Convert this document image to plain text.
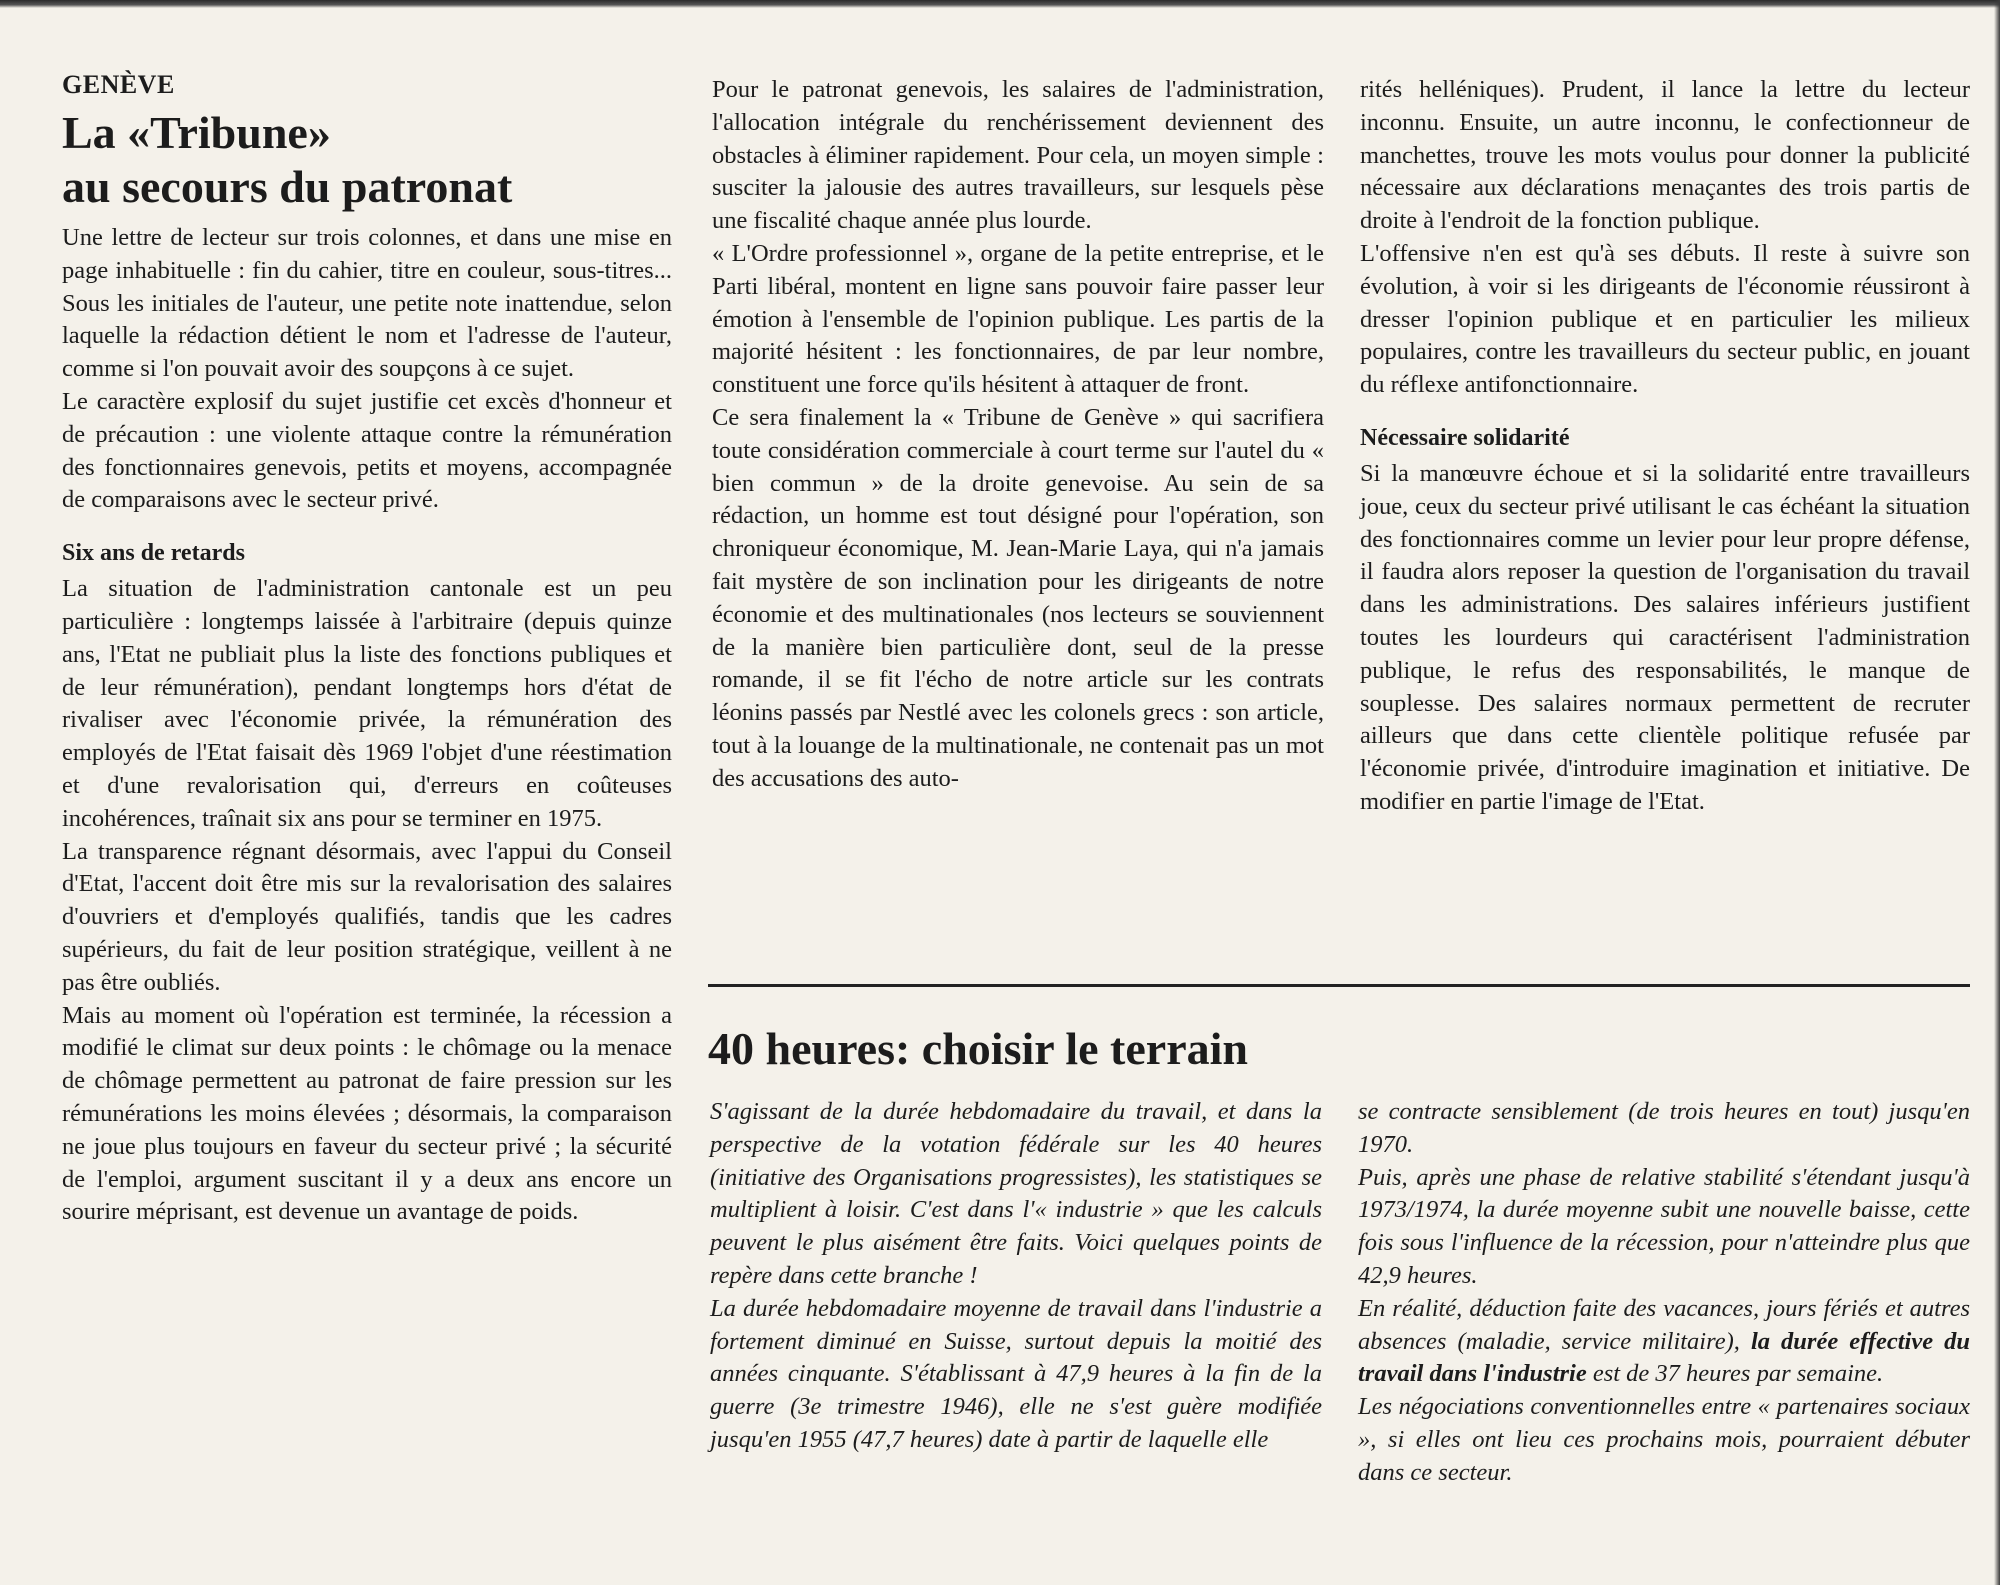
GENÈVE
La «Tribune»
au secours du patronat

Une lettre de lecteur sur trois colonnes, et dans une mise en page inhabituelle : fin du cahier, titre en couleur, sous-titres... Sous les initiales de l'auteur, une petite note inattendue, selon laquelle la rédaction détient le nom et l'adresse de l'auteur, comme si l'on pouvait avoir des soupçons à ce sujet.

Le caractère explosif du sujet justifie cet excès d'honneur et de précaution : une violente attaque contre la rémunération des fonctionnaires genevois, petits et moyens, accompagnée de comparaisons avec le secteur privé.

Six ans de retards

La situation de l'administration cantonale est un peu particulière : longtemps laissée à l'arbitraire (depuis quinze ans, l'Etat ne publiait plus la liste des fonctions publiques et de leur rémunération), pendant longtemps hors d'état de rivaliser avec l'économie privée, la rémunération des employés de l'Etat faisait dès 1969 l'objet d'une réestimation et d'une revalorisation qui, d'erreurs en coûteuses incohérences, traînait six ans pour se terminer en 1975.

La transparence régnant désormais, avec l'appui du Conseil d'Etat, l'accent doit être mis sur la revalorisation des salaires d'ouvriers et d'employés qualifiés, tandis que les cadres supérieurs, du fait de leur position stratégique, veillent à ne pas être oubliés.

Mais au moment où l'opération est terminée, la récession a modifié le climat sur deux points : le chômage ou la menace de chômage permettent au patronat de faire pression sur les rémunérations les moins élevées ; désormais, la comparaison ne joue plus toujours en faveur du secteur privé ; la sécurité de l'emploi, argument suscitant il y a deux ans encore un sourire méprisant, est devenue un avantage de poids.

Pour le patronat genevois, les salaires de l'administration, l'allocation intégrale du renchérissement deviennent des obstacles à éliminer rapidement. Pour cela, un moyen simple : susciter la jalousie des autres travailleurs, sur lesquels pèse une fiscalité chaque année plus lourde.

« L'Ordre professionnel », organe de la petite entreprise, et le Parti libéral, montent en ligne sans pouvoir faire passer leur émotion à l'ensemble de l'opinion publique. Les partis de la majorité hésitent : les fonctionnaires, de par leur nombre, constituent une force qu'ils hésitent à attaquer de front.

Ce sera finalement la « Tribune de Genève » qui sacrifiera toute considération commerciale à court terme sur l'autel du « bien commun » de la droite genevoise. Au sein de sa rédaction, un homme est tout désigné pour l'opération, son chroniqueur économique, M. Jean-Marie Laya, qui n'a jamais fait mystère de son inclination pour les dirigeants de notre économie et des multinationales (nos lecteurs se souviennent de la manière bien particulière dont, seul de la presse romande, il se fit l'écho de notre article sur les contrats léonins passés par Nestlé avec les colonels grecs : son article, tout à la louange de la multinationale, ne contenait pas un mot des accusations des auto-

rités helléniques). Prudent, il lance la lettre du lecteur inconnu. Ensuite, un autre inconnu, le confectionneur de manchettes, trouve les mots voulus pour donner la publicité nécessaire aux déclarations menaçantes des trois partis de droite à l'endroit de la fonction publique.

L'offensive n'en est qu'à ses débuts. Il reste à suivre son évolution, à voir si les dirigeants de l'économie réussiront à dresser l'opinion publique et en particulier les milieux populaires, contre les travailleurs du secteur public, en jouant du réflexe antifonctionnaire.

Nécessaire solidarité

Si la manœuvre échoue et si la solidarité entre travailleurs joue, ceux du secteur privé utilisant le cas échéant la situation des fonctionnaires comme un levier pour leur propre défense, il faudra alors reposer la question de l'organisation du travail dans les administrations. Des salaires inférieurs justifient toutes les lourdeurs qui caractérisent l'administration publique, le refus des responsabilités, le manque de souplesse. Des salaires normaux permettent de recruter ailleurs que dans cette clientèle politique refusée par l'économie privée, d'introduire imagination et initiative. De modifier en partie l'image de l'Etat.

40 heures: choisir le terrain

S'agissant de la durée hebdomadaire du travail, et dans la perspective de la votation fédérale sur les 40 heures (initiative des Organisations progressistes), les statistiques se multiplient à loisir. C'est dans l'« industrie » que les calculs peuvent le plus aisément être faits. Voici quelques points de repère dans cette branche !

La durée hebdomadaire moyenne de travail dans l'industrie a fortement diminué en Suisse, surtout depuis la moitié des années cinquante. S'établissant à 47,9 heures à la fin de la guerre (3e trimestre 1946), elle ne s'est guère modifiée jusqu'en 1955 (47,7 heures) date à partir de laquelle elle

se contracte sensiblement (de trois heures en tout) jusqu'en 1970.

Puis, après une phase de relative stabilité s'étendant jusqu'à 1973/1974, la durée moyenne subit une nouvelle baisse, cette fois sous l'influence de la récession, pour n'atteindre plus que 42,9 heures.

En réalité, déduction faite des vacances, jours fériés et autres absences (maladie, service militaire), la durée effective du travail dans l'industrie est de 37 heures par semaine.

Les négociations conventionnelles entre « partenaires sociaux », si elles ont lieu ces prochains mois, pourraient débuter dans ce secteur.
